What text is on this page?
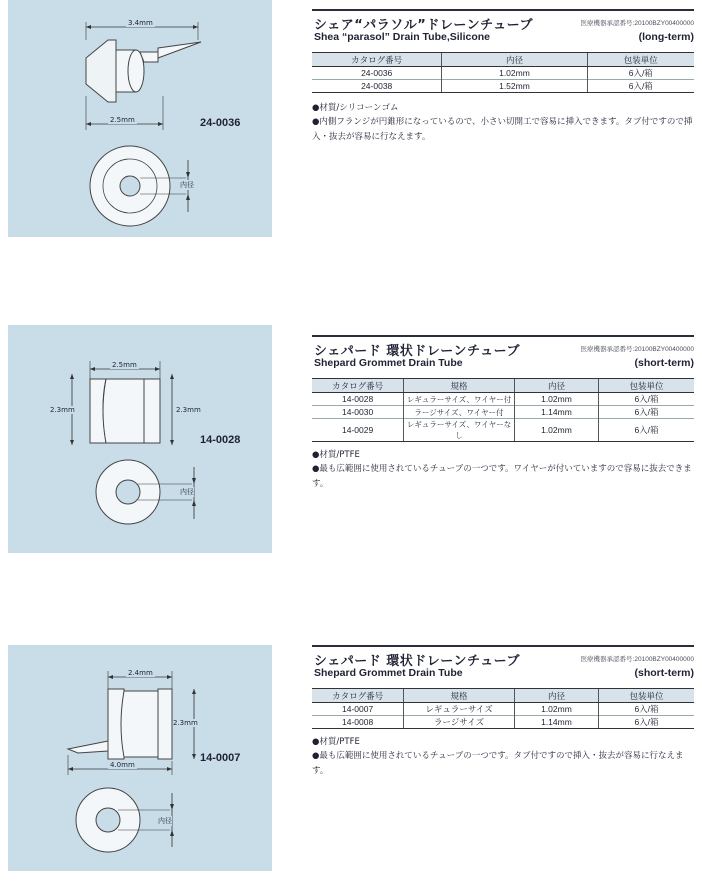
3.4mm
2.5mm
内径
24-0036
シェア“パラソル”ドレーンチューブ	医療機器承認番号:20100BZY00400000
Shea “parasol” Drain Tube,Silicone	(long-term)
カタログ番号	内径	包装単位
24-0036	1.02mm	6入/箱
24-0038	1.52mm	6入/箱
●材質/シリコーンゴム
●内側フランジが円錐形になっているので、小さい切開工で容易に挿入できます。タブ付ですので挿入・抜去が容易に行なえます。
2.5mm
2.3mm	2.3mm
内径
14-0028
シェパード 環状ドレーンチューブ	医療機器承認番号:20100BZY00400000
Shepard Grommet Drain Tube	(short-term)
カタログ番号	規格	内径	包装単位
14-0028	レギュラーサイズ、ワイヤー付	1.02mm	6入/箱
14-0030	ラージサイズ、ワイヤー付	1.14mm	6入/箱
14-0029	レギュラーサイズ、ワイヤーなし	1.02mm	6入/箱
●材質/PTFE
●最も広範囲に使用されているチューブの一つです。ワイヤーが付いていますので容易に抜去できます。
2.4mm
2.3mm
4.0mm
内径
14-0007
シェパード 環状ドレーンチューブ	医療機器承認番号:20100BZY00400000
Shepard Grommet Drain Tube	(short-term)
カタログ番号	規格	内径	包装単位
14-0007	レギュラーサイズ	1.02mm	6入/箱
14-0008	ラージサイズ	1.14mm	6入/箱
●材質/PTFE
●最も広範囲に使用されているチューブの一つです。タブ付ですので挿入・抜去が容易に行なえます。
